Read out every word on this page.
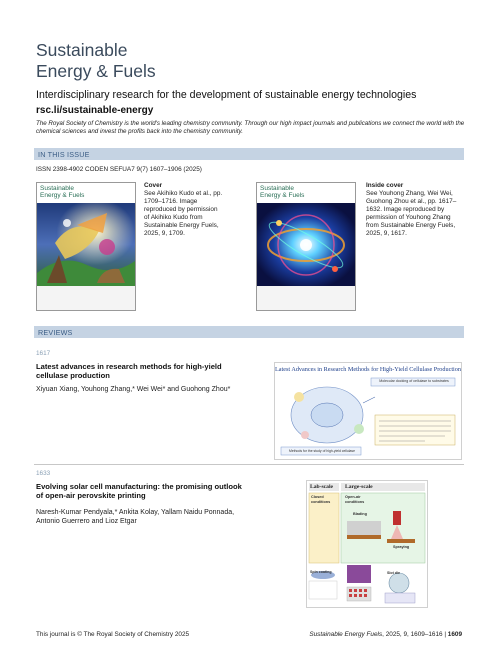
Sustainable
Energy & Fuels
Interdisciplinary research for the development of sustainable energy technologies
rsc.li/sustainable-energy
The Royal Society of Chemistry is the world's leading chemistry community. Through our high impact journals and publications we connect the world with the chemical sciences and invest the profits back into the chemistry community.
IN THIS ISSUE
ISSN 2398-4902 CODEN SEFUA7 9(7) 1607–1906 (2025)
Sustainable
Energy & Fuels
Cover
See Akihiko Kudo et al., pp. 1709–1716. Image reproduced by permission of Akihiko Kudo from Sustainable Energy Fuels, 2025, 9, 1709.
Sustainable
Energy & Fuels
Inside cover
See Youhong Zhang, Wei Wei, Guohong Zhou et al., pp. 1617–1632. Image reproduced by permission of Youhong Zhang from Sustainable Energy Fuels, 2025, 9, 1617.
REVIEWS
1617
Latest advances in research methods for high-yield cellulase production
Xiyuan Xiang, Youhong Zhang,* Wei Wei* and Guohong Zhou*
Latest Advances in Research Methods for High-Yield Cellulase Production
Molecular docking of cellulase to substrates
Methods for the study of high-yield cellulase
1633
Evolving solar cell manufacturing: the promising outlook of open-air perovskite printing
Naresh-Kumar Pendyala,* Ankita Kolay, Yallam Naidu Ponnada, Antonio Guerrero and Lioz Etgar
Lab-scale Large-scale
Closed conditions
Open-air conditions
Blading
Spraying
Spin coating	Slot die
This journal is © The Royal Society of Chemistry 2025	Sustainable Energy Fuels, 2025, 9, 1609–1616 | 1609
